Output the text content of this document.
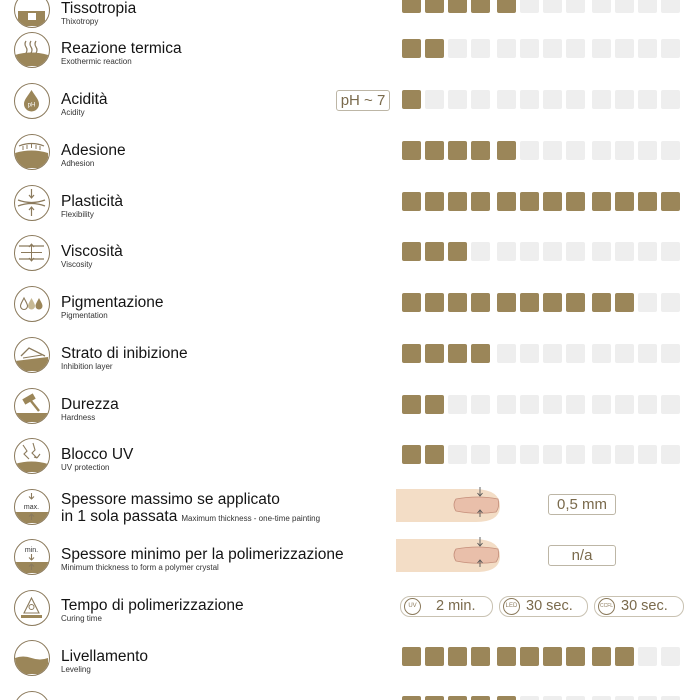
Tissotropia
Thixotropy
Reazione termica
Exothermic reaction
pH Acidità
Acidity
pH ~ 7
Adesione
Adhesion
Plasticità
Flexibility
Viscosità
Viscosity
Pigmentazione
Pigmentation
Strato di inibizione
Inhibition layer
Durezza
Hardness
Blocco UV
UV protection
max. Spessore massimo se applicato
in 1 sola passata Maximum thickness - one-time painting
0,5 mm
min. Spessore minimo per la polimerizzazione
Minimum thickness to form a polymer crystal
n/a
Tempo di polimerizzazione
Curing time
UV 2 min.	LED 30 sec.	CCFL 30 sec.
Livellamento
Leveling
